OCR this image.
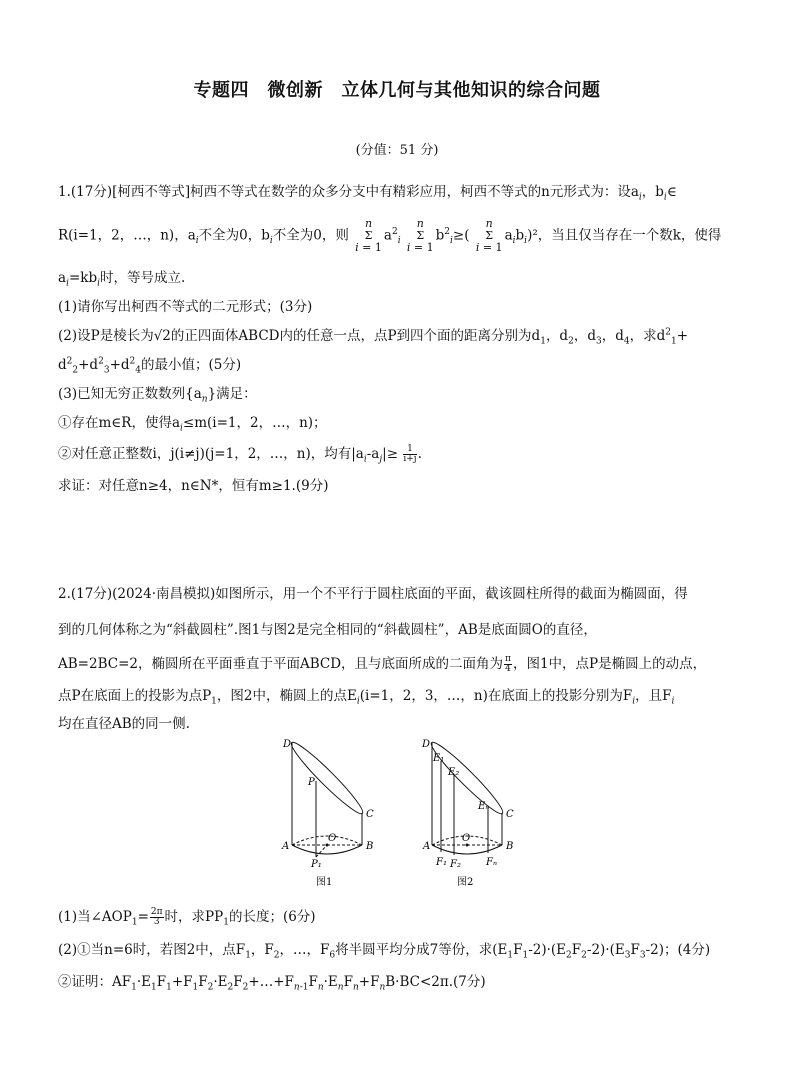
专题四　微创新　立体几何与其他知识的综合问题
(分值：51 分)
1.(17分)[柯西不等式]柯西不等式在数学的众多分支中有精彩应用，柯西不等式的n元形式为：设$a_i$，$b_i\in$
R(i=1，2，…，n)，$a_i$不全为0，$b_i$不全为0，则
n
Σ
i = 1
$a^2_i$
n
Σ
i = 1
$b^2_i\ge$(
n
Σ
i = 1
$a_ib_i)^2$，当且仅当存在一个数k，使得
$a_i=kb_i$时，等号成立.
(1)请你写出柯西不等式的二元形式；(3分)
(2)设P是棱长为√2的正四面体ABCD内的任意一点，点P到四个面的距离分别为$d_1$，$d_2$，$d_3$，$d_4$，求$d^2_1+$
$d^2_2+d^2_3+d^2_4$的最小值；(5分)
(3)已知无穷正数数列$\{a_n\}$满足：
①存在m∈R，使得$a_i\le m(i=1$，2，…，n)；
②对任意正整数i，j(i≠j)(j=1，2，…，n)，均有$|a_i-a_j|\ge \frac{1}{i+j}$ .
求证：对任意n≥4，n∈N*，恒有m≥1.(9分)
2.(17分)(2024·南昌模拟)如图所示，用一个不平行于圆柱底面的平面，截该圆柱所得的截面为椭圆面，得
到的几何体称之为“斜截圆柱”.图1与图2是完全相同的“斜截圆柱”，AB是底面圆O的直径，
AB=2BC=2，椭圆所在平面垂直于平面ABCD，且与底面所成的二面角为 $\frac{\pi}{4}$ ，图1中，点P是椭圆上的动点，
点P在底面上的投影为点$P_1$，图2中，椭圆上的点$E_i(i=1$，2，3，…，n)在底面上的投影分别为$F_i$，且$F_i$
均在直径AB的同一侧.
D
P
C
A	B
O
P₁
图1
D
E₁
E₂
Eₙ
C
A	B
O
F₁ F₂	Fₙ
图2
(1)当$\angle AOP_1= \frac{2\pi}{3}$ 时，求$PP_1$的长度；(6分)
(2)①当n=6时，若图2中，点$F_1$，$F_2$，…，$F_6$将半圆平均分成7等份，求$(E_1F_1-2)\cdot(E_2F_2-2)\cdot(E_3F_3-2)$；(4分)
②证明：$AF_1\cdot E_1F_1+F_1F_2\cdot E_2F_2+\dots+F_{n-1}F_n\cdot E_nF_n+F_nB\cdot BC<2\pi.(7$分)
